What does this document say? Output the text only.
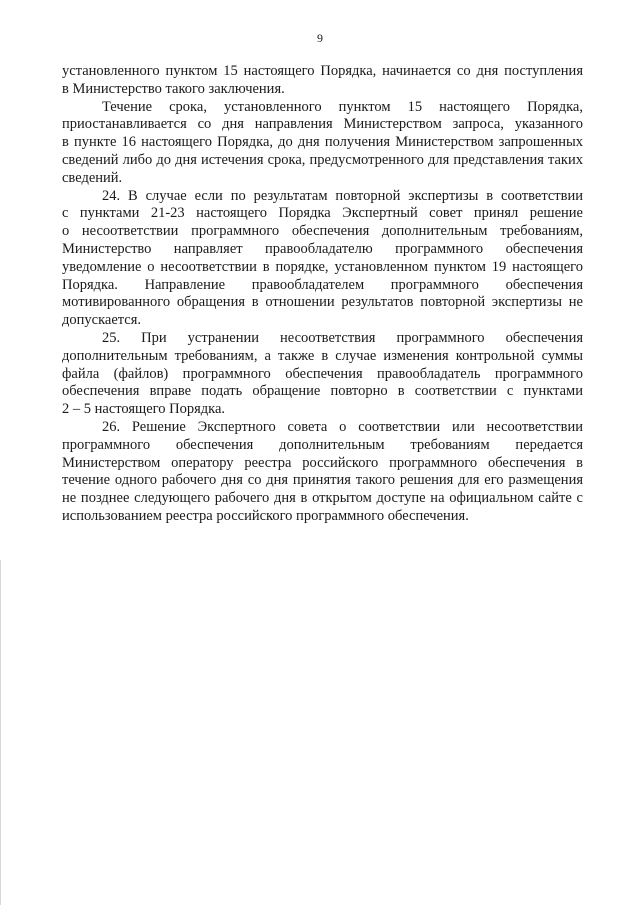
9
установленного пунктом 15 настоящего Порядка, начинается со дня поступления
в Министерство такого заключения.
Течение срока, установленного пунктом 15 настоящего Порядка,
приостанавливается со дня направления Министерством запроса, указанного
в пункте 16 настоящего Порядка, до дня получения Министерством запрошенных
сведений либо до дня истечения срока, предусмотренного для представления таких
сведений.
24. В случае если по результатам повторной экспертизы в соответствии
с пунктами 21-23 настоящего Порядка Экспертный совет принял решение
о несоответствии программного обеспечения дополнительным требованиям,
Министерство направляет правообладателю программного обеспечения
уведомление о несоответствии в порядке, установленном пунктом 19 настоящего
Порядка. Направление правообладателем программного обеспечения
мотивированного обращения в отношении результатов повторной экспертизы не
допускается.
25. При устранении несоответствия программного обеспечения
дополнительным требованиям, а также в случае изменения контрольной суммы
файла (файлов) программного обеспечения правообладатель программного
обеспечения вправе подать обращение повторно в соответствии с пунктами
2 – 5 настоящего Порядка.
26. Решение Экспертного совета о соответствии или несоответствии
программного обеспечения дополнительным требованиям передается
Министерством оператору реестра российского программного обеспечения в
течение одного рабочего дня со дня принятия такого решения для его размещения
не позднее следующего рабочего дня в открытом доступе на официальном сайте с
использованием реестра российского программного обеспечения.
